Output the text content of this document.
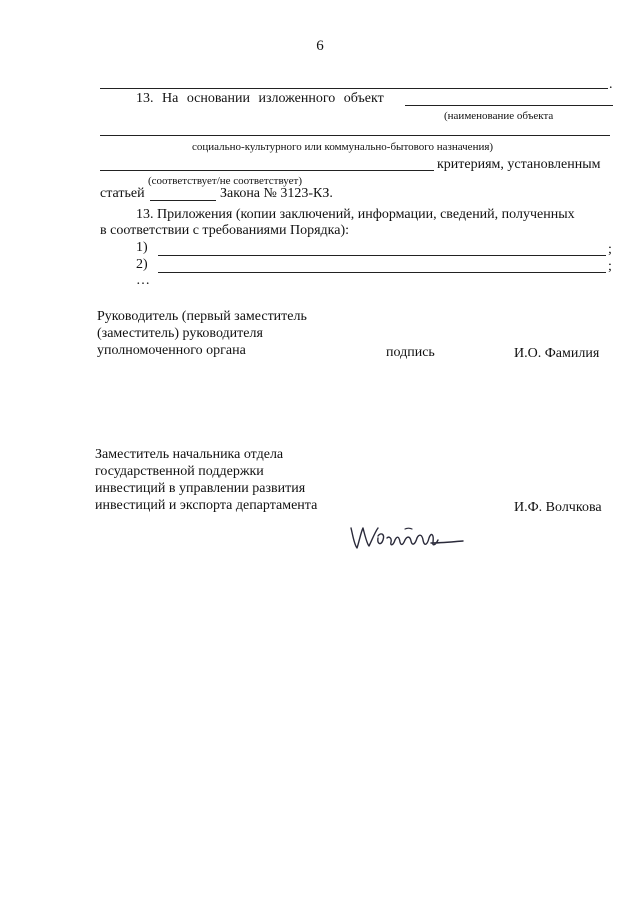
6
.
13. На основании изложенного объект
(наименование объекта
социально-культурного или коммунально-бытового назначения)
критериям, установленным
(соответствует/не соответствует)
статьей	Закона № 3123-КЗ.
13. Приложения (копии заключений, информации, сведений, полученных
в соответствии с требованиями Порядка):
1)	;
2)	;
…
Руководитель (первый заместитель
(заместитель) руководителя
уполномоченного органа	подпись	И.О. Фамилия
Заместитель начальника отдела
государственной поддержки
инвестиций в управлении развития
инвестиций и экспорта департамента	И.Ф. Волчкова
